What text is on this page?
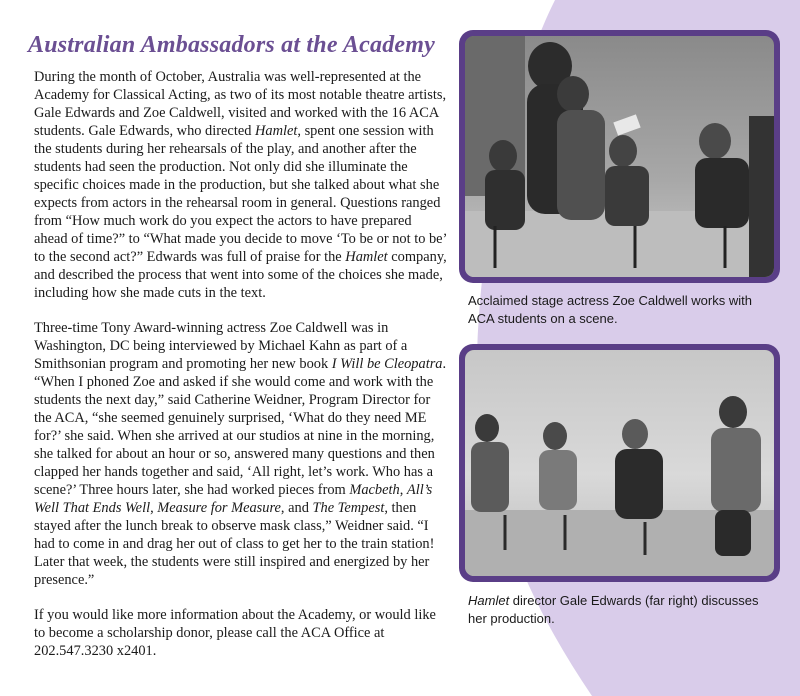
Australian Ambassadors at the Academy

During the month of October, Australia was well-represented at the Academy for Classical Acting, as two of its most notable theatre artists, Gale Edwards and Zoe Caldwell, visited and worked with the 16 ACA students. Gale Edwards, who directed Hamlet, spent one session with the students during her rehearsals of the play, and another after the students had seen the production. Not only did she illuminate the specific choices made in the production, but she talked about what she expects from actors in the rehearsal room in general. Questions ranged from “How much work do you expect the actors to have prepared ahead of time?” to “What made you decide to move ‘To be or not to be’ to the second act?” Edwards was full of praise for the Hamlet company, and described the process that went into some of the choices she made, including how she made cuts in the text.

Three-time Tony Award-winning actress Zoe Caldwell was in Washington, DC being interviewed by Michael Kahn as part of a Smithsonian program and promoting her new book I Will be Cleopatra. “When I phoned Zoe and asked if she would come and work with the students the next day,” said Catherine Weidner, Program Director for the ACA, “she seemed genuinely surprised, ‘What do they need ME for?’ she said. When she arrived at our studios at nine in the morning, she talked for about an hour or so, answered many questions and then clapped her hands together and said, ‘All right, let’s work. Who has a scene?’ Three hours later, she had worked pieces from Macbeth, All’s Well That Ends Well, Measure for Measure, and The Tempest, then stayed after the lunch break to observe mask class,” Weidner said. “I had to come in and drag her out of class to get her to the train station! Later that week, the students were still inspired and energized by her presence.”

If you would like more information about the Academy, or would like to become a scholarship donor, please call the ACA Office at 202.547.3230 x2401.

Acclaimed stage actress Zoe Caldwell works with ACA students on a scene.
Hamlet director Gale Edwards (far right) discusses her production.
